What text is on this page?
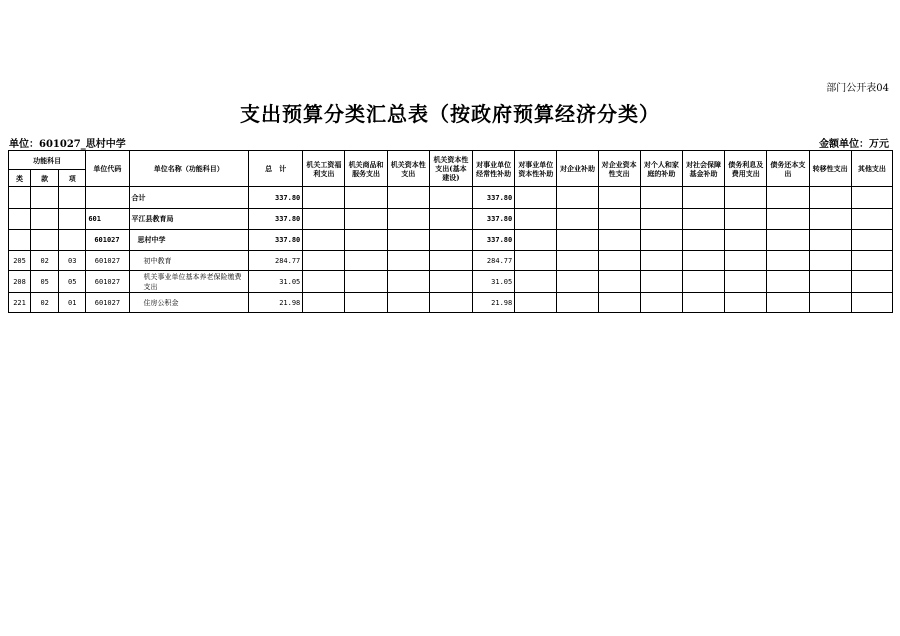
部门公开表04
支出预算分类汇总表（按政府预算经济分类）
单位：601027_思村中学	金额单位：万元
功能科目			单位代码	单位名称（功能科目）	总　计	机关工资福利支出	机关商品和服务支出	机关资本性支出	机关资本性支出(基本建设)	对事业单位经常性补助	对事业单位资本性补助	对企业补助	对企业资本性支出	对个人和家庭的补助	对社会保障基金补助	债务利息及费用支出	债务还本支出	转移性支出	其他支出
类	款	项																	
				合计	337.80					337.80									
			601	平江县教育局	337.80					337.80									
			601027	思村中学	337.80					337.80									
205	02	03	601027	初中教育	284.77					284.77									
208	05	05	601027	机关事业单位基本养老保险缴费支出	31.05					31.05									
221	02	01	601027	住房公积金	21.98					21.98									
